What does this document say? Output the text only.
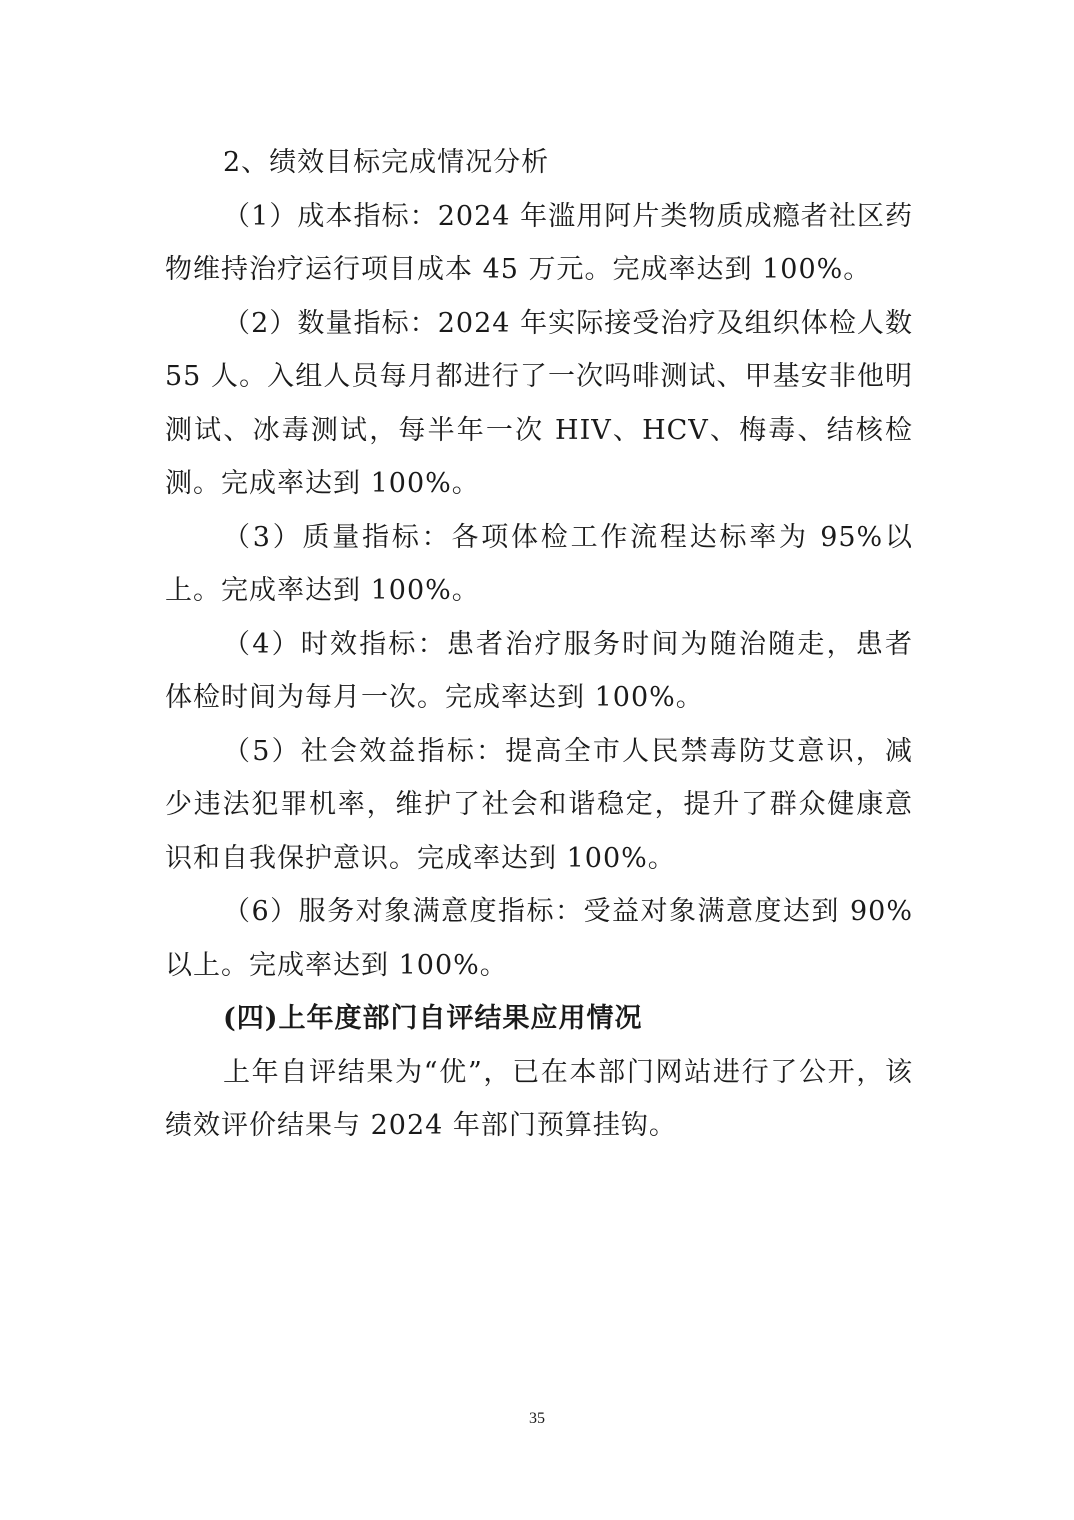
2、绩效目标完成情况分析

（1）成本指标：2024 年滥用阿片类物质成瘾者社区药物维持治疗运行项目成本 45 万元。完成率达到 100%。

（2）数量指标：2024 年实际接受治疗及组织体检人数 55 人。入组人员每月都进行了一次吗啡测试、甲基安非他明测试、冰毒测试，每半年一次 HIV、HCV、梅毒、结核检测。完成率达到 100%。

（3）质量指标：各项体检工作流程达标率为 95%以上。完成率达到 100%。

（4）时效指标：患者治疗服务时间为随治随走，患者体检时间为每月一次。完成率达到 100%。

（5）社会效益指标：提高全市人民禁毒防艾意识，减少违法犯罪机率，维护了社会和谐稳定，提升了群众健康意识和自我保护意识。完成率达到 100%。

（6）服务对象满意度指标：受益对象满意度达到 90%以上。完成率达到 100%。

(四)上年度部门自评结果应用情况

上年自评结果为“优”，已在本部门网站进行了公开，该绩效评价结果与 2024 年部门预算挂钩。

35
